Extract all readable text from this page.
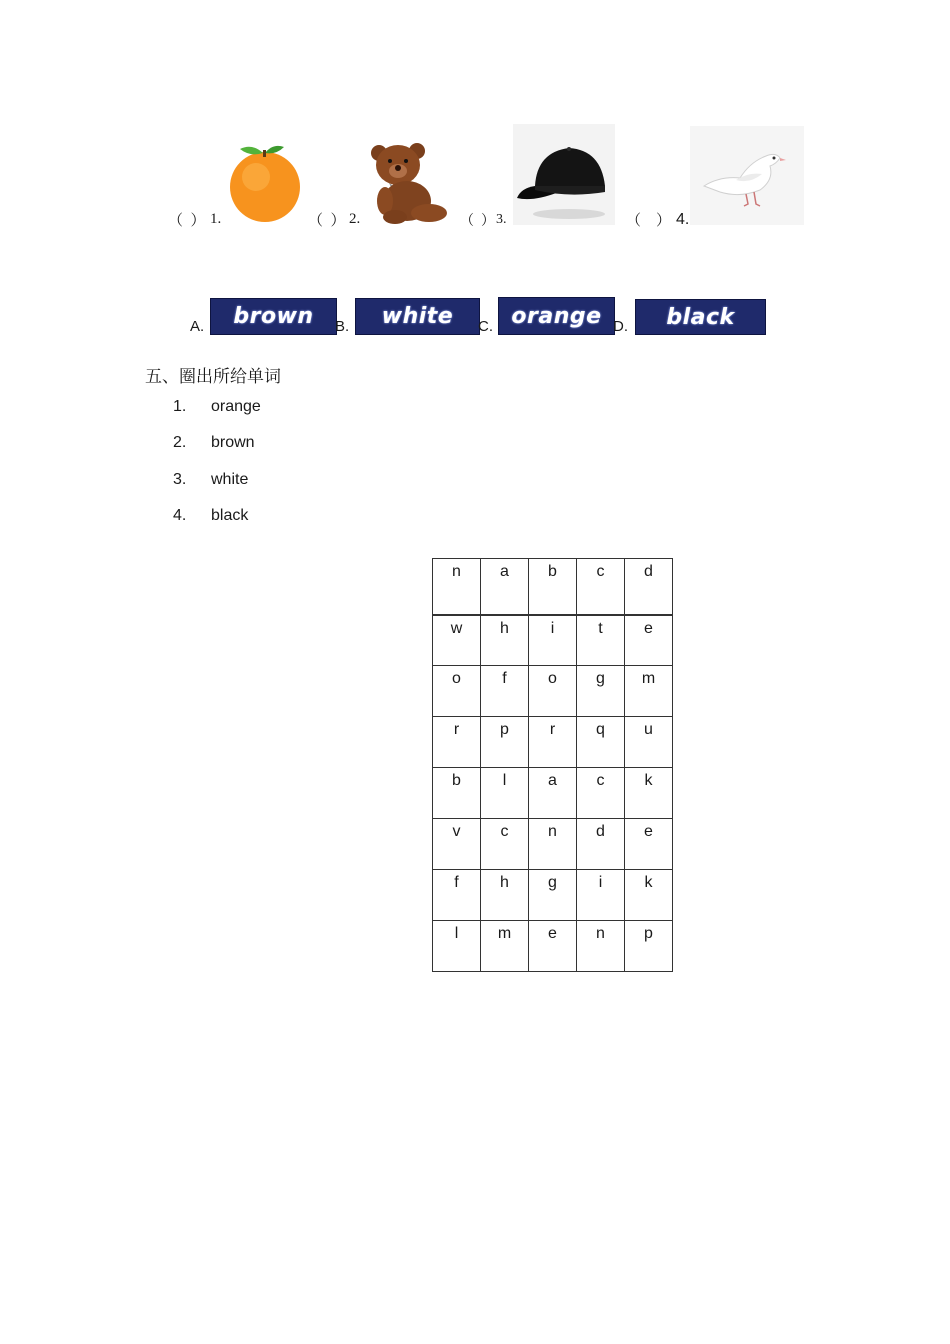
（  ） 1.	（  ） 2.	（  ） 3.	（    ） 4.
A.	brown	B.	white	C. orange D.	black
五、圈出所给单词
1.	orange
2.	brown
3.	white
4.	black
n	a	b	c	d
w	h	i	t	e
o	f	o	g	m
r	p	r	q	u
b	l	a	c	k
v	c	n	d	e
f	h	g	i	k
l	m	e	n	p
